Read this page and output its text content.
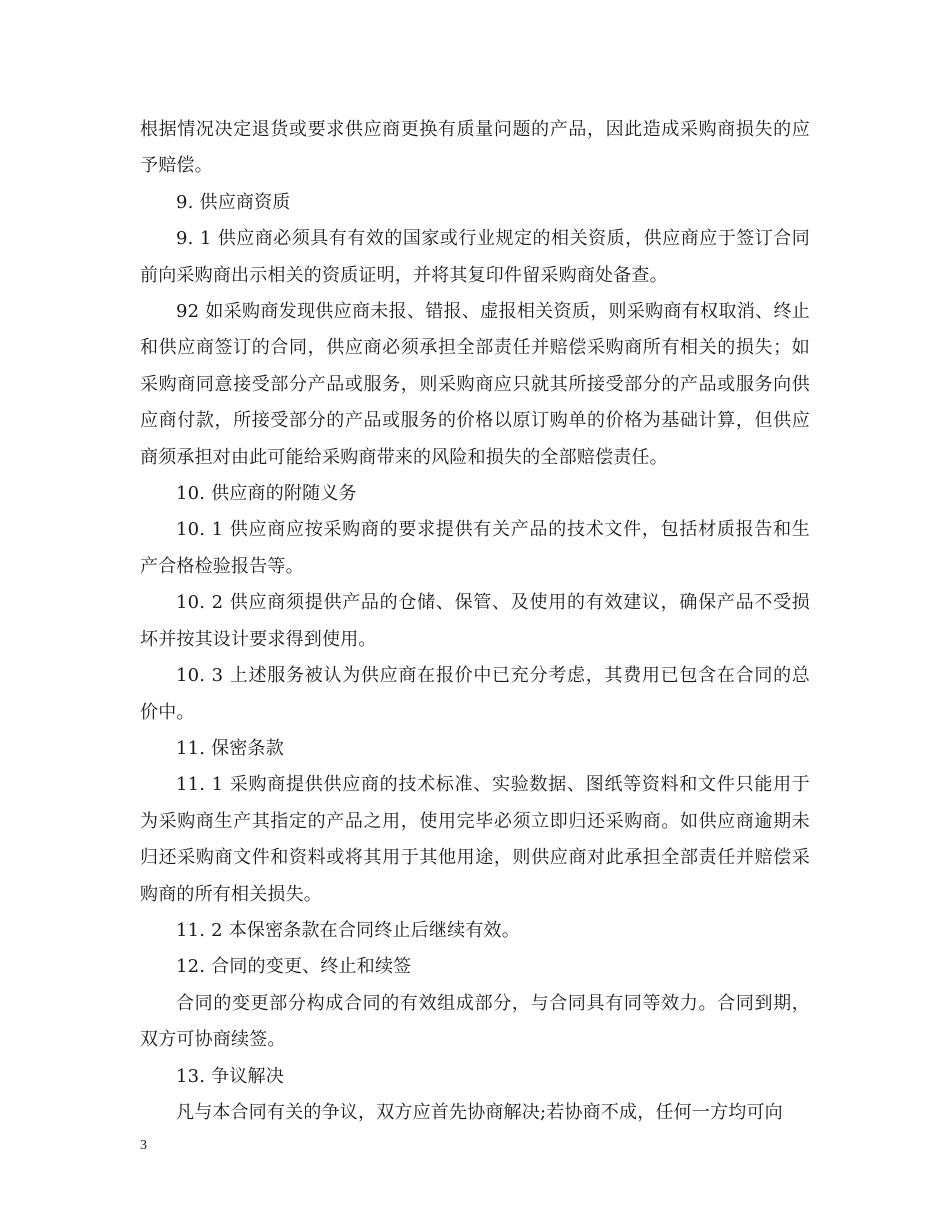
根据情况决定退货或要求供应商更换有质量问题的产品，因此造成采购商损失的应予赔偿。

9. 供应商资质

9. 1 供应商必须具有有效的国家或行业规定的相关资质，供应商应于签订合同前向采购商出示相关的资质证明，并将其复印件留采购商处备查。

92 如采购商发现供应商未报、错报、虚报相关资质，则采购商有权取消、终止和供应商签订的合同，供应商必须承担全部责任并赔偿采购商所有相关的损失；如采购商同意接受部分产品或服务，则采购商应只就其所接受部分的产品或服务向供应商付款，所接受部分的产品或服务的价格以原订购单的价格为基础计算，但供应商须承担对由此可能给采购商带来的风险和损失的全部赔偿责任。

10. 供应商的附随义务

10. 1 供应商应按采购商的要求提供有关产品的技术文件，包括材质报告和生产合格检验报告等。

10. 2 供应商须提供产品的仓储、保管、及使用的有效建议，确保产品不受损坏并按其设计要求得到使用。

10. 3 上述服务被认为供应商在报价中已充分考虑，其费用已包含在合同的总价中。

11. 保密条款

11. 1 采购商提供供应商的技术标准、实验数据、图纸等资料和文件只能用于为采购商生产其指定的产品之用，使用完毕必须立即归还采购商。如供应商逾期未归还采购商文件和资料或将其用于其他用途，则供应商对此承担全部责任并赔偿采购商的所有相关损失。

11. 2 本保密条款在合同终止后继续有效。

12. 合同的变更、终止和续签

合同的变更部分构成合同的有效组成部分，与合同具有同等效力。合同到期，双方可协商续签。

13. 争议解决

凡与本合同有关的争议，双方应首先协商解决;若协商不成，任何一方均可向

3
